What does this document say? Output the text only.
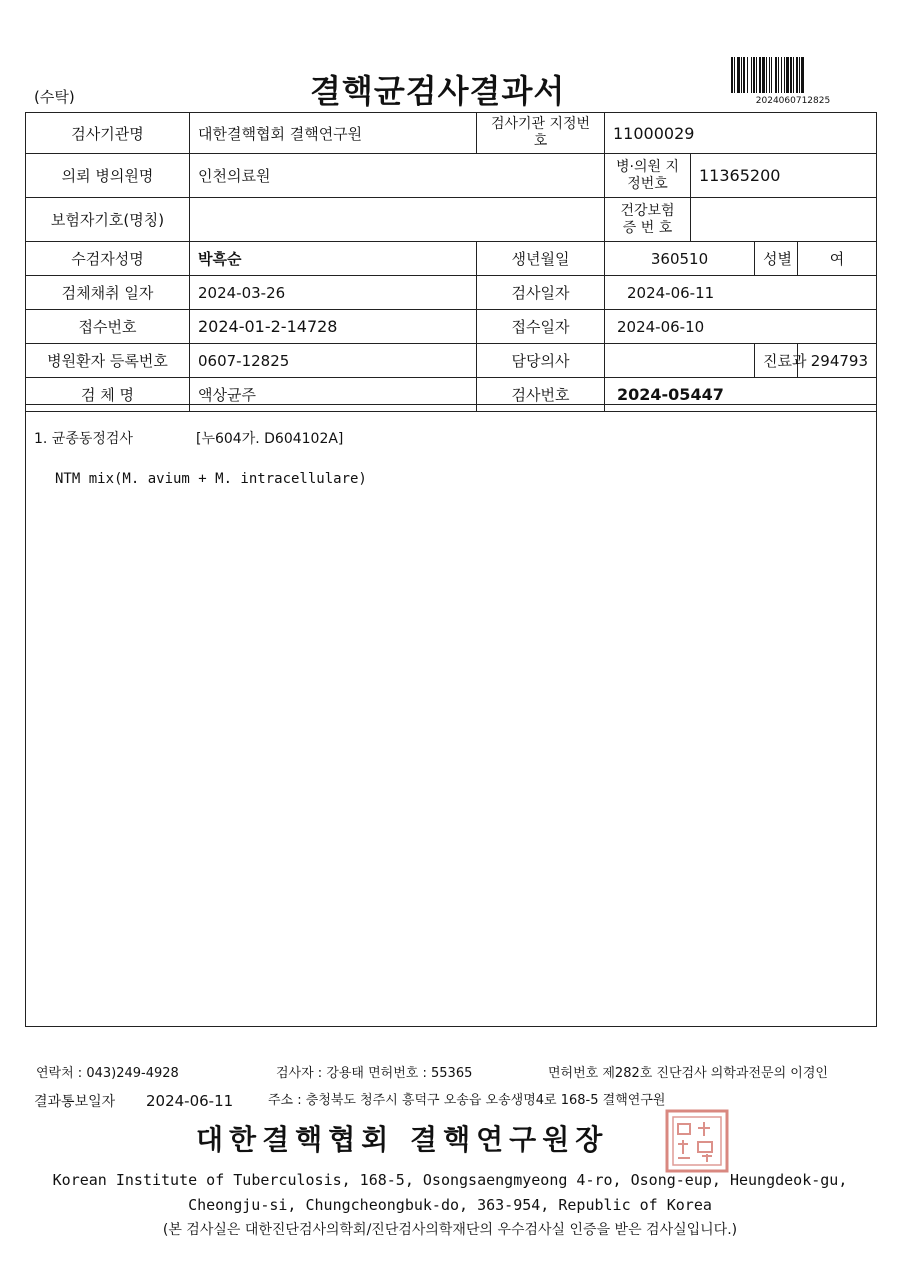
(수탁)	결핵균검사결과서	2024060712825
검사기관명	대한결핵협회 결핵연구원	검사기관 지정번호	11000029			
의뢰 병의원명	인천의료원		병·의원 지정번호	11365200		
보험자기호(명칭)			건강보험 증 번 호			
수검자성명	박흑순	생년월일	360510		성별	여
검체채취 일자	2024-03-26	검사일자	2024-06-11			
접수번호	2024-01-2-14728	접수일자	2024-06-10			
병원환자 등록번호	0607-12825	담당의사			진료과	294793
검 체 명	액상균주	검사번호	2024-05447			
1. 균종동정검사	[누604가. D604102A]
NTM mix(M. avium + M. intracellulare)
연락처 : 043)249-4928	검사자 : 강용태 면허번호 : 55365	면허번호 제282호 진단검사 의학과전문의 이경인
결과통보일자 2024-06-11	주소 : 충청북도 청주시 흥덕구 오송읍 오송생명4로 168-5 결핵연구원
대한결핵협회 결핵연구원장
Korean Institute of Tuberculosis, 168-5, Osongsaengmyeong 4-ro, Osong-eup, Heungdeok-gu,
Cheongju-si, Chungcheongbuk-do, 363-954, Republic of Korea
(본 검사실은 대한진단검사의학회/진단검사의학재단의 우수검사실 인증을 받은 검사실입니다.)
